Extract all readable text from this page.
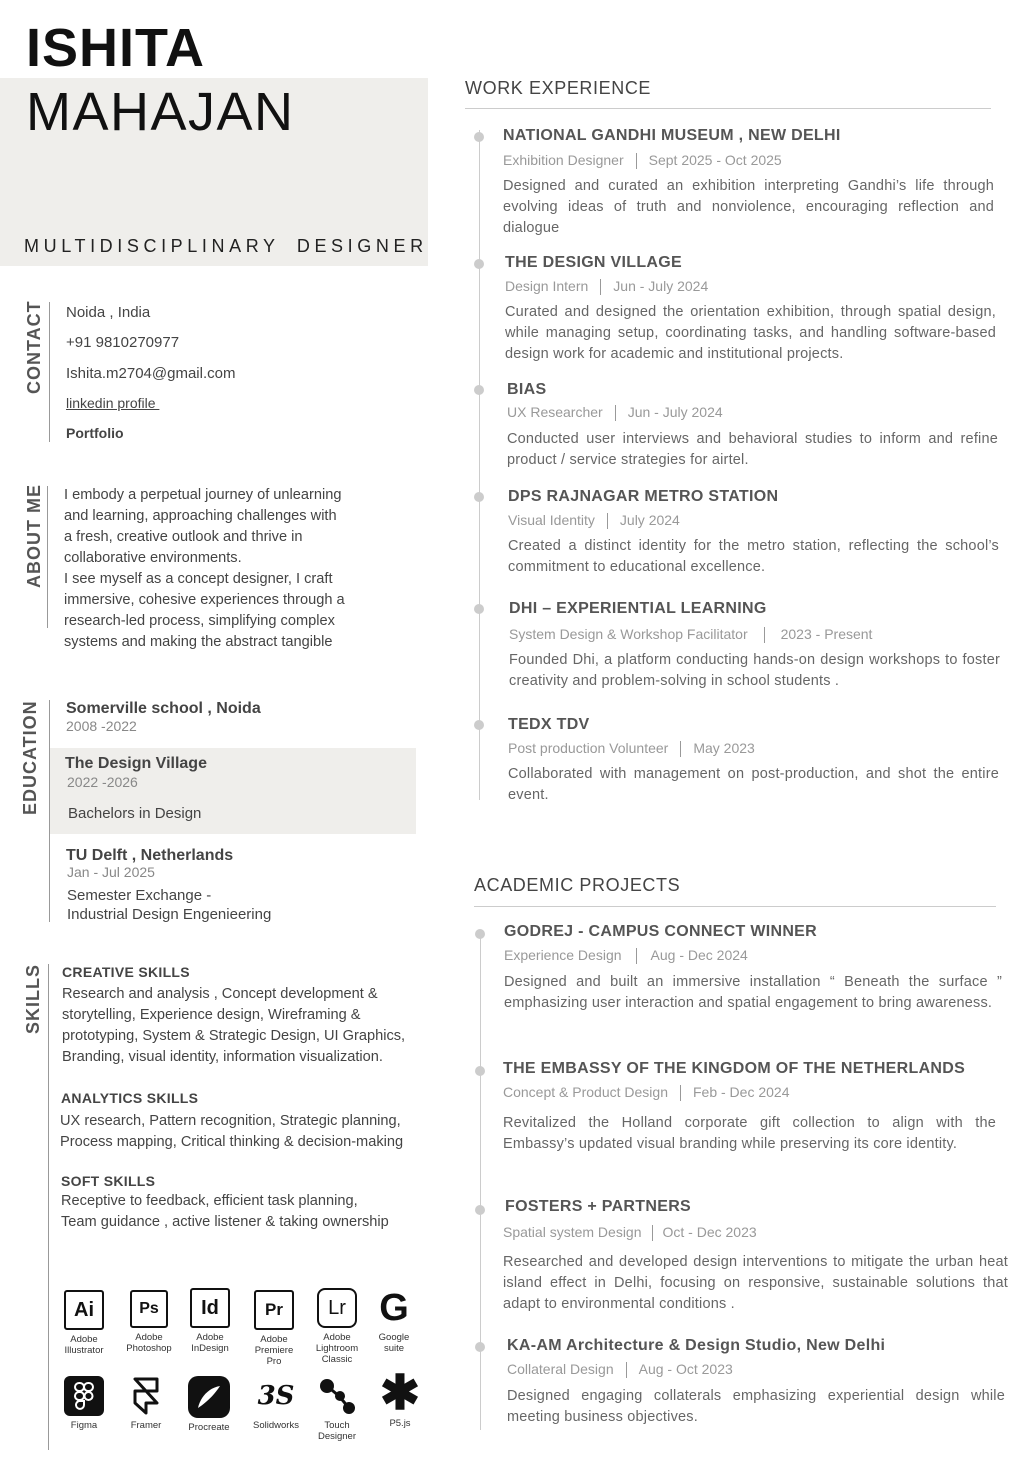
ISHITA
MAHAJAN
MULTIDISCIPLINARY DESIGNER
CONTACT Noida , India
+91 9810270977
Ishita.m2704@gmail.com
linkedin profile
Portfolio
ABOUT ME I embody a perpetual journey of unlearning
and learning, approaching challenges with
a fresh, creative outlook and thrive in
collaborative environments.
I see myself as a concept designer, I craft
immersive, cohesive experiences through a
research-led process, simplifying complex
systems and making the abstract tangible
EDUCATION Somerville school , Noida
2008 -2022
The Design Village
2022 -2026
Bachelors in Design
TU Delft , Netherlands
Jan - Jul 2025
Semester Exchange -
Industrial Design Engenieering
SKILLS CREATIVE SKILLS
Research and analysis , Concept development &
storytelling, Experience design, Wireframing &
prototyping, System & Strategic Design, UI Graphics,
Branding, visual identity, information visualization.
ANALYTICS SKILLS
UX research, Pattern recognition, Strategic planning,
Process mapping, Critical thinking & decision-making
SOFT SKILLS
Receptive to feedback, efficient task planning,
Team guidance , active listener & taking ownership
Ai
Adobe
Illustrator
Ps
Adobe
Photoshop
Id
Adobe
InDesign
Pr
Adobe
Premiere
Pro
Lr
Adobe
Lightroom
Classic
G
Google
suite
Figma	Framer	Procreate
3S
Solidworks	Touch
Designer
✱
P5.js
WORK EXPERIENCE
NATIONAL GANDHI MUSEUM , NEW DELHI
Exhibition Designer Sept 2025 - Oct 2025
Designed and curated an exhibition interpreting Gandhi’s life through evolving ideas of truth and nonviolence, encouraging reflection and dialogue
THE DESIGN VILLAGE
Design Intern Jun - July 2024
Curated and designed the orientation exhibition, through spatial design, while managing setup, coordinating tasks, and handling software-based design work for academic and institutional projects.
BIAS
UX Researcher Jun - July 2024
Conducted user interviews and behavioral studies to inform and refine product / service strategies for airtel.
DPS RAJNAGAR METRO STATION
Visual Identity July 2024
Created a distinct identity for the metro station, reflecting the school’s commitment to educational excellence.
DHI – EXPERIENTIAL LEARNING
System Design & Workshop Facilitator 2023 - Present
Founded Dhi, a platform conducting hands-on design workshops to foster creativity and problem-solving in school students .
TEDX TDV
Post production Volunteer May 2023
Collaborated with management on post-production, and shot the entire event.
ACADEMIC PROJECTS
GODREJ - CAMPUS CONNECT WINNER
Experience Design Aug - Dec 2024
Designed and built an immersive installation “ Beneath the surface ” emphasizing user interaction and spatial engagement to bring awareness.
THE EMBASSY OF THE KINGDOM OF THE NETHERLANDS
Concept & Product Design Feb - Dec 2024
Revitalized the Holland corporate gift collection to align with the Embassy’s updated visual branding while preserving its core identity.
FOSTERS + PARTNERS
Spatial system Design Oct - Dec 2023
Researched and developed design interventions to mitigate the urban heat island effect in Delhi, focusing on responsive, sustainable solutions that adapt to environmental conditions .
KA-AM Architecture & Design Studio, New Delhi
Collateral Design Aug - Oct 2023
Designed engaging collaterals emphasizing experiential design while meeting business objectives.
